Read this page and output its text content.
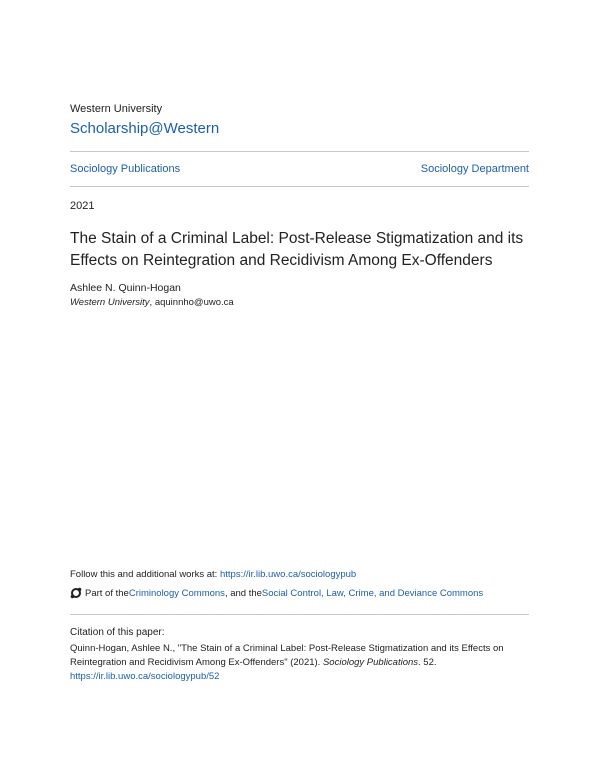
Western University
Scholarship@Western
Sociology Publications	Sociology Department
2021
The Stain of a Criminal Label: Post-Release Stigmatization and its
Effects on Reintegration and Recidivism Among Ex-Offenders
Ashlee N. Quinn-Hogan
Western University, aquinnho@uwo.ca
Follow this and additional works at: https://ir.lib.uwo.ca/sociologypub
Part of the Criminology Commons , and the Social Control, Law, Crime, and Deviance Commons
Citation of this paper:
Quinn-Hogan, Ashlee N., "The Stain of a Criminal Label: Post-Release Stigmatization and its Effects on
Reintegration and Recidivism Among Ex-Offenders" (2021). Sociology Publications. 52.
https://ir.lib.uwo.ca/sociologypub/52
